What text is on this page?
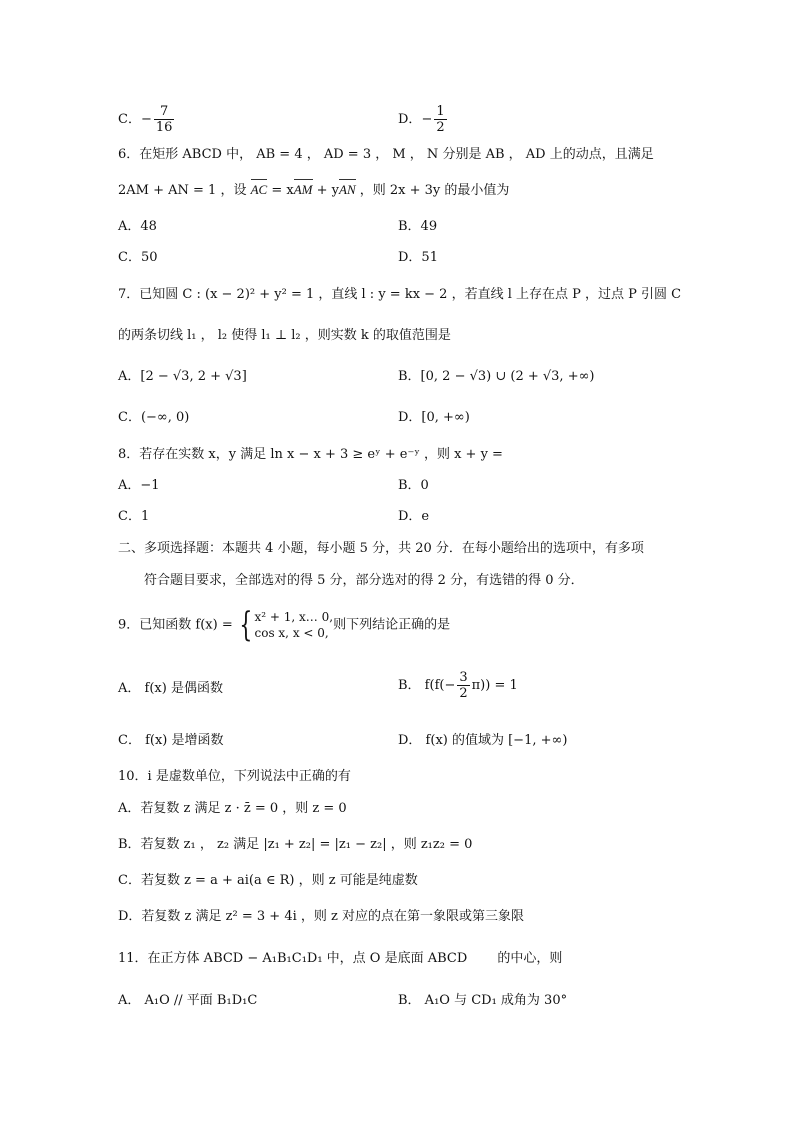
C．− $\frac{7}{16}$	D．− $\frac{1}{2}$
6．在矩形 ABCD 中， AB = 4 ， AD = 3 ， M ， N 分别是 AB ， AD 上的动点，且满足
2AM + AN = 1 ，设 AC = xAM + yAN ，则 2x + 3y 的最小值为
A．48	B．49
C．50	D．51
7．已知圆 C : (x − 2)² + y² = 1 ，直线 l : y = kx − 2 ，若直线 l 上存在点 P ，过点 P 引圆 C
的两条切线 l₁ ， l₂ 使得 l₁ ⊥ l₂ ，则实数 k 的取值范围是
A．[2 − √3, 2 + √3]	B．[0, 2 − √3) ∪ (2 + √3, +∞)
C．(−∞, 0)	D．[0, +∞)
8．若存在实数 x，y 满足 ln x − x + 3 ≥ eʸ + e⁻ʸ ，则 x + y =
A．−1	B．0
C．1	D．e
二、多项选择题：本题共 4 小题，每小题 5 分，共 20 分．在每小题给出的选项中，有多项
符合题目要求，全部选对的得 5 分，部分选对的得 2 分，有选错的得 0 分．
9．已知函数 f(x) = { x² + 1, x… 0,
cos x, x < 0,
则下列结论正确的是
A． f(x) 是偶函数	B． $f(f(- \frac{3}{2} \pi)) = 1$
C． f(x) 是增函数	D． f(x) 的值域为 [−1, +∞)
10．i 是虚数单位，下列说法中正确的有
A．若复数 z 满足 z · z̄ = 0 ，则 z = 0
B．若复数 z₁ ， z₂ 满足 |z₁ + z₂| = |z₁ − z₂| ，则 z₁z₂ = 0
C．若复数 z = a + ai(a ∈ R) ，则 z 可能是纯虚数
D．若复数 z 满足 z² = 3 + 4i ，则 z 对应的点在第一象限或第三象限
11．在正方体 ABCD − A₁B₁C₁D₁ 中，点 O 是底面 ABCD 　　的中心，则
A． A₁O // 平面 B₁D₁C	B． A₁O 与 CD₁ 成角为 30°
